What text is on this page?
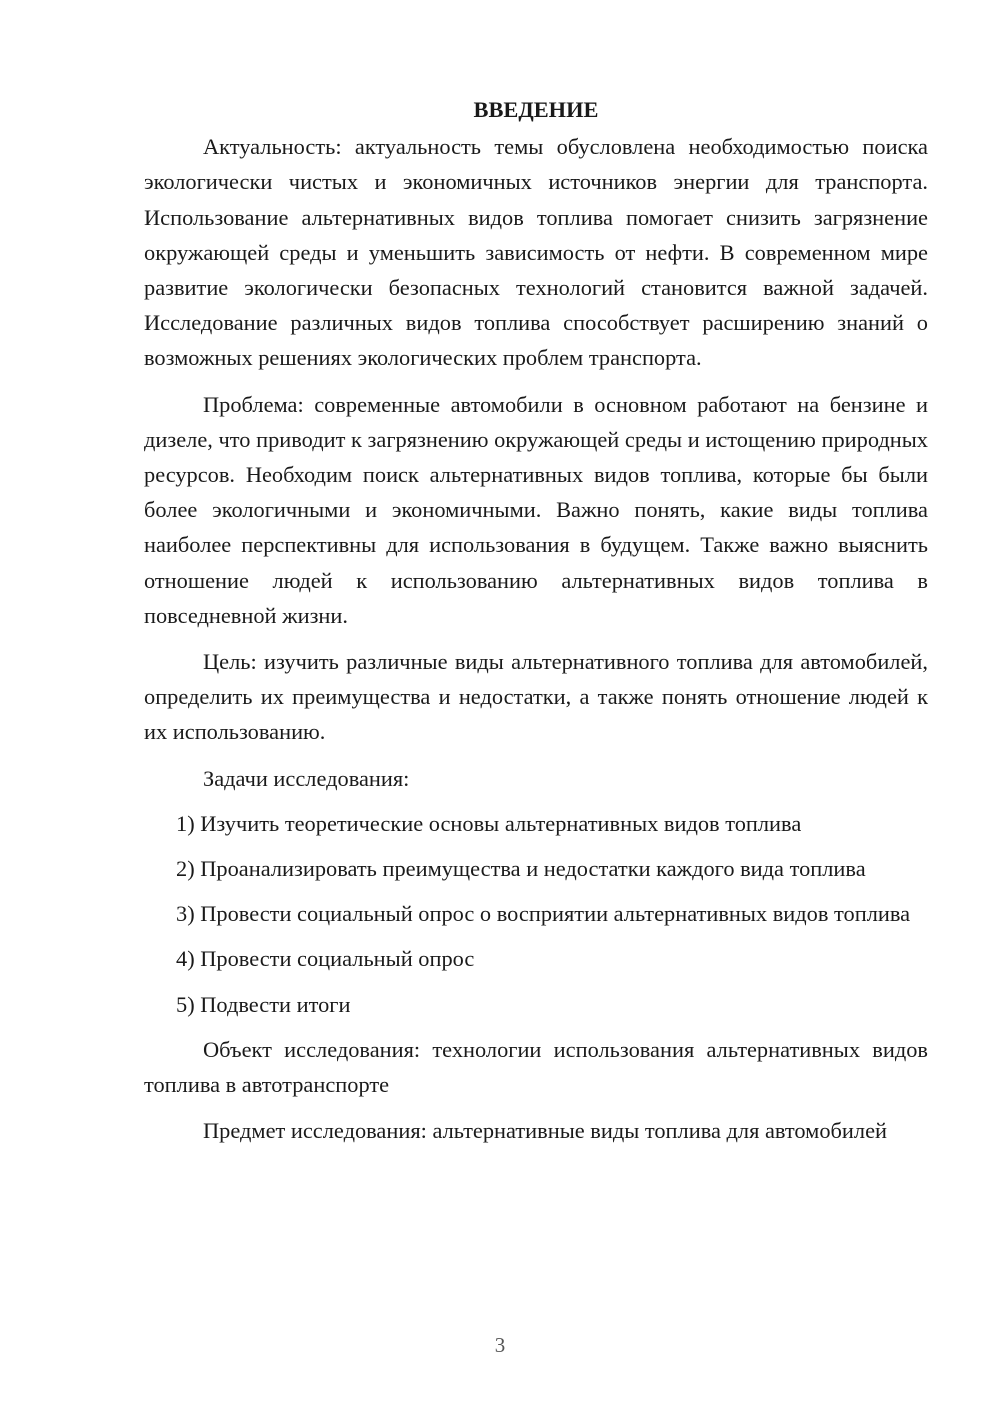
ВВЕДЕНИЕ

Актуальность: актуальность темы обусловлена необходимостью поиска экологически чистых и экономичных источников энергии для транспорта. Использование альтернативных видов топлива помогает снизить загрязнение окружающей среды и уменьшить зависимость от нефти. В современном мире развитие экологически безопасных технологий становится важной задачей. Исследование различных видов топлива способствует расширению знаний о возможных решениях экологических проблем транспорта.

Проблема: современные автомобили в основном работают на бензине и дизеле, что приводит к загрязнению окружающей среды и истощению природных ресурсов. Необходим поиск альтернативных видов топлива, которые бы были более экологичными и экономичными. Важно понять, какие виды топлива наиболее перспективны для использования в будущем. Также важно выяснить отношение людей к использованию альтернативных видов топлива в повседневной жизни.

Цель: изучить различные виды альтернативного топлива для автомобилей, определить их преимущества и недостатки, а также понять отношение людей к их использованию.

Задачи исследования:

1) Изучить теоретические основы альтернативных видов топлива

2) Проанализировать преимущества и недостатки каждого вида топлива

3) Провести социальный опрос о восприятии альтернативных видов топлива

4) Провести социальный опрос

5) Подвести итоги

Объект исследования: технологии использования альтернативных видов топлива в автотранспорте

Предмет исследования: альтернативные виды топлива для автомобилей

3
